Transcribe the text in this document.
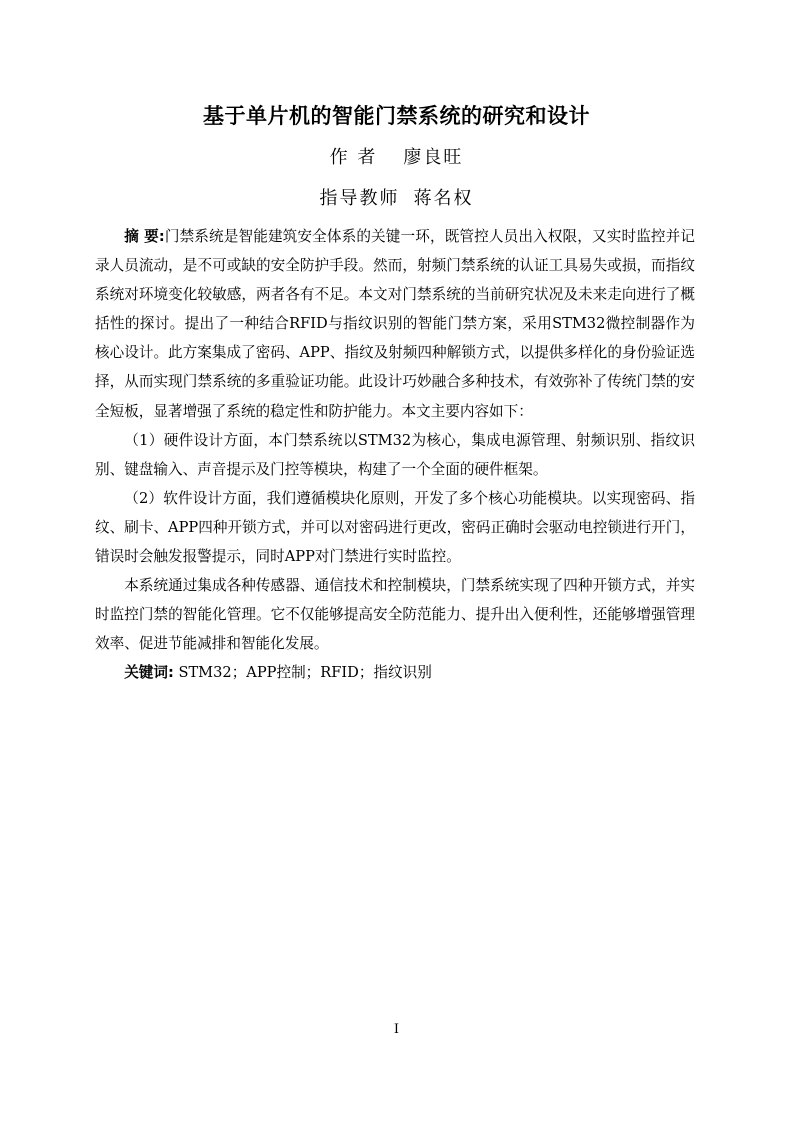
基于单片机的智能门禁系统的研究和设计
作 者 廖良旺
指导教师 蒋名权

摘 要:门禁系统是智能建筑安全体系的关键一环，既管控人员出入权限，又实时监控并记录人员流动，是不可或缺的安全防护手段。然而，射频门禁系统的认证工具易失或损，而指纹系统对环境变化较敏感，两者各有不足。本文对门禁系统的当前研究状况及未来走向进行了概括性的探讨。提出了一种结合RFID与指纹识别的智能门禁方案，采用STM32微控制器作为核心设计。此方案集成了密码、APP、指纹及射频四种解锁方式，以提供多样化的身份验证选择，从而实现门禁系统的多重验证功能。此设计巧妙融合多种技术，有效弥补了传统门禁的安全短板，显著增强了系统的稳定性和防护能力。本文主要内容如下：

（1）硬件设计方面，本门禁系统以STM32为核心，集成电源管理、射频识别、指纹识别、键盘输入、声音提示及门控等模块，构建了一个全面的硬件框架。

（2）软件设计方面，我们遵循模块化原则，开发了多个核心功能模块。以实现密码、指纹、刷卡、APP四种开锁方式，并可以对密码进行更改，密码正确时会驱动电控锁进行开门，错误时会触发报警提示，同时APP对门禁进行实时监控。

本系统通过集成各种传感器、通信技术和控制模块，门禁系统实现了四种开锁方式，并实时监控门禁的智能化管理。它不仅能够提高安全防范能力、提升出入便利性，还能够增强管理效率、促进节能减排和智能化发展。

关键词: STM32；APP控制；RFID；指纹识别

I
